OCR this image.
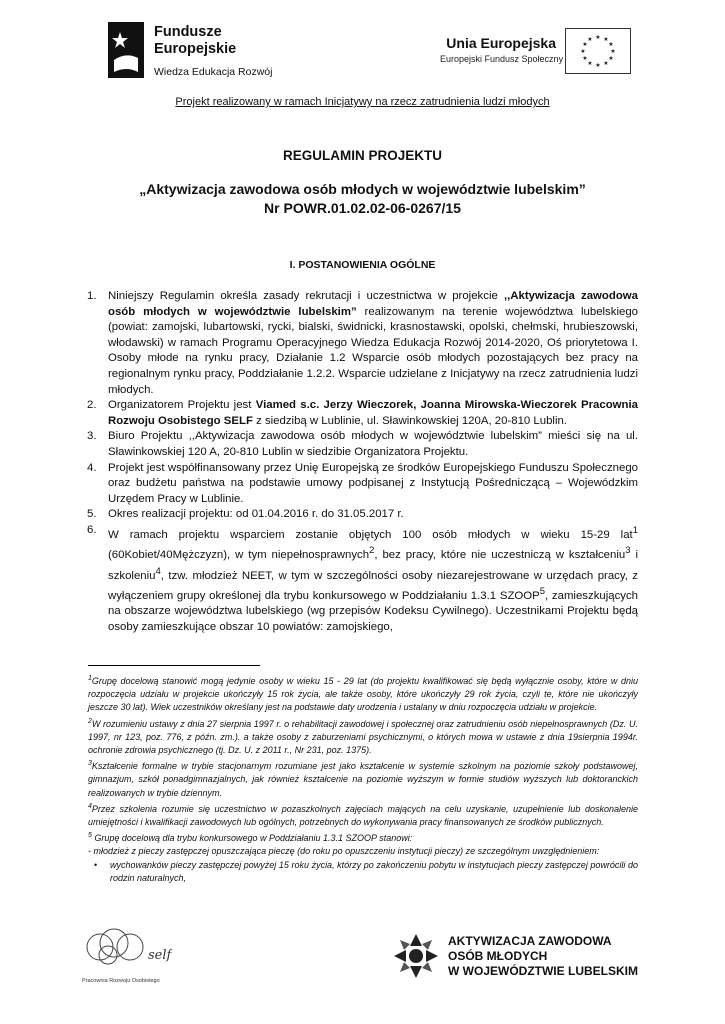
Fundusze
Europejskie
Wiedza Edukacja Rozwój
Unia Europejska
Europejski Fundusz Społeczny
★ ★
★
★
★
★
★
★
★
★
★
★
Projekt realizowany w ramach Inicjatywy na rzecz zatrudnienia ludzi młodych
REGULAMIN PROJEKTU
„Aktywizacja zawodowa osób młodych w województwie lubelskim”
Nr POWR.01.02.02-06-0267/15
I. POSTANOWIENIA OGÓLNE
1. Niniejszy Regulamin określa zasady rekrutacji i uczestnictwa w projekcie ,,Aktywizacja zawodowa osób młodych w województwie lubelskim” realizowanym na terenie województwa lubelskiego (powiat: zamojski, lubartowski, rycki, bialski, świdnicki, krasnostawski, opolski, chełmski, hrubieszowski, włodawski) w ramach Programu Operacyjnego Wiedza Edukacja Rozwój 2014-2020, Oś priorytetowa I. Osoby młode na rynku pracy, Działanie 1.2 Wsparcie osób młodych pozostających bez pracy na regionalnym rynku pracy, Poddziałanie 1.2.2. Wsparcie udzielane z Inicjatywy na rzecz zatrudnienia ludzi młodych.
2. Organizatorem Projektu jest Viamed s.c. Jerzy Wieczorek, Joanna Mirowska-Wieczorek Pracownia Rozwoju Osobistego SELF z siedzibą w Lublinie, ul. Sławinkowskiej 120A, 20-810 Lublin.
3. Biuro Projektu ,,Aktywizacja zawodowa osób młodych w województwie lubelskim” mieści się na ul. Sławinkowskiej 120 A, 20-810 Lublin w siedzibie Organizatora Projektu.
4. Projekt jest współfinansowany przez Unię Europejską ze środków Europejskiego Funduszu Społecznego oraz budżetu państwa na podstawie umowy podpisanej z Instytucją Pośredniczącą – Wojewódzkim Urzędem Pracy w Lublinie.
5. Okres realizacji projektu: od 01.04.2016 r. do 31.05.2017 r.
6. W ramach projektu wsparciem zostanie objętych 100 osób młodych w wieku 15-29 lat$^1$ (60Kobiet/40Mężczyzn), w tym niepełnosprawnych$^2$, bez pracy, które nie uczestniczą w kształceniu$^3$ i szkoleniu$^4$, tzw. młodzież NEET, w tym w szczególności osoby niezarejestrowane w urzędach pracy, z wyłączeniem grupy określonej dla trybu konkursowego w Poddziałaniu 1.3.1 SZOOP$^5$, zamieszkujących na obszarze województwa lubelskiego (wg przepisów Kodeksu Cywilnego). Uczestnikami Projektu będą osoby zamieszkujące obszar 10 powiatów: zamojskiego,

$^1$Grupę docelową stanowić mogą jedynie osoby w wieku 15 - 29 lat (do projektu kwalifikować się będą wyłącznie osoby, które w dniu rozpoczęcia udziału w projekcie ukończyły 15 rok życia, ale także osoby, które ukończyły 29 rok życia, czyli te, które nie ukończyły jeszcze 30 lat). Wiek uczestników określany jest na podstawie daty urodzenia i ustalany w dniu rozpoczęcia udziału w projekcie.

$^2$W rozumieniu ustawy z dnia 27 sierpnia 1997 r. o rehabilitacji zawodowej i społecznej oraz zatrudnieniu osób niepełnosprawnych (Dz. U. 1997, nr 123, poz. 776, z późn. zm.). a także osoby z zaburzeniami psychicznymi, o których mowa w ustawie z dnia 19sierpnia 1994r. ochronie zdrowia psychicznego (tj. Dz. U. z 2011 r., Nr 231, poz. 1375).

$^3$Kształcenie formalne w trybie stacjonarnym rozumiane jest jako kształcenie w systemie szkolnym na poziomie szkoły podstawowej, gimnazjum, szkół ponadgimnazjalnych, jak również kształcenie na poziomie wyższym w formie studiów wyższych lub doktoranckich realizowanych w trybie dziennym.

$^4$Przez szkolenia rozumie się uczestnictwo w pozaszkolnych zajęciach mających na celu uzyskanie, uzupełnienie lub doskonalenie umiejętności i kwalifikacji zawodowych lub ogólnych, potrzebnych do wykonywania pracy finansowanych ze środków publicznych.

$^5$ Grupę docelową dla trybu konkursowego w Poddziałaniu 1.3.1 SZOOP stanowi:

- młodzież z pieczy zastępczej opuszczająca pieczę (do roku po opuszczeniu instytucji pieczy) ze szczególnym uwzględnieniem:

• wychowanków pieczy zastępczej powyżej 15 roku życia, którzy po zakończeniu pobytu w instytucjach pieczy zastępczej powrócili do rodzin naturalnych,

self
Pracownia Rozwoju Osobistego
AKTYWIZACJA ZAWODOWA
OSÓB MŁODYCH
W WOJEWÓDZTWIE LUBELSKIM
